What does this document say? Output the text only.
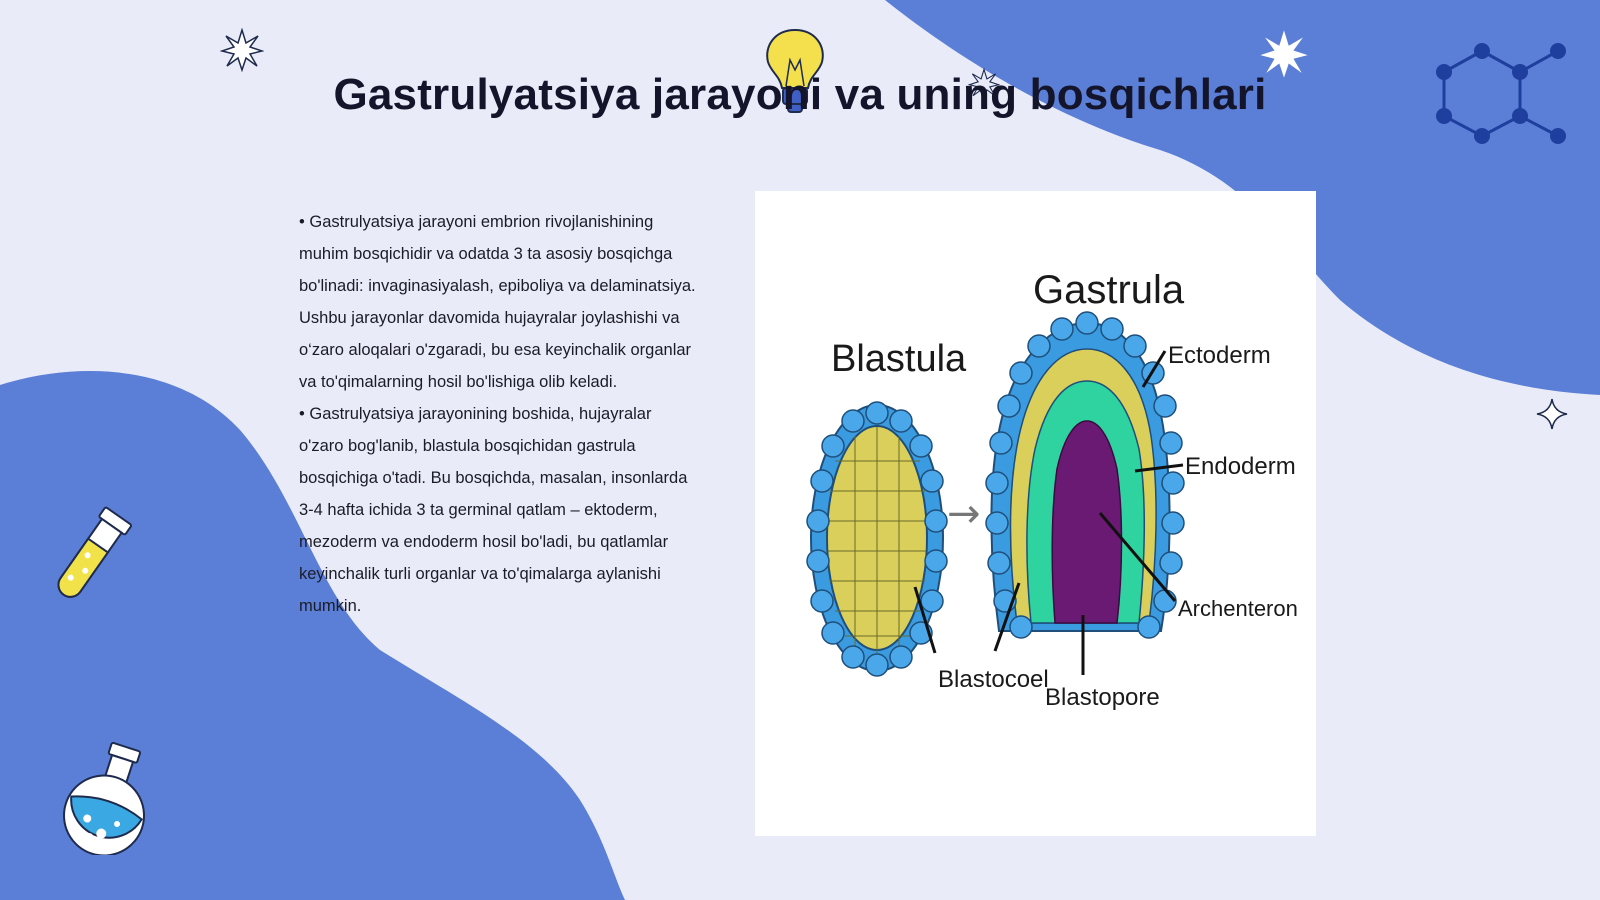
Gastrulyatsiya jarayoni va uning bosqichlari

• Gastrulyatsiya jarayoni embrion rivojlanishining muhim bosqichidir va odatda 3 ta asosiy bosqichga bo'linadi: invaginasiyalash, epiboliya va delaminatsiya. Ushbu jarayonlar davomida hujayralar joylashishi va o‘zaro aloqalari o'zgaradi, bu esa keyinchalik organlar va to'qimalarning hosil bo'lishiga olib keladi.

• Gastrulyatsiya jarayonining boshida, hujayralar o'zaro bog'lanib, blastula bosqichidan gastrula bosqichiga o'tadi. Bu bosqichda, masalan, insonlarda 3-4 hafta ichida 3 ta germinal qatlam – ektoderm, mezoderm va endoderm hosil bo'ladi, bu qatlamlar keyinchalik turli organlar va to'qimalarga aylanishi mumkin.

Gastrula
Blastula	Ectoderm
Endoderm
Archenteron
Blastocoel
Blastopore
→
